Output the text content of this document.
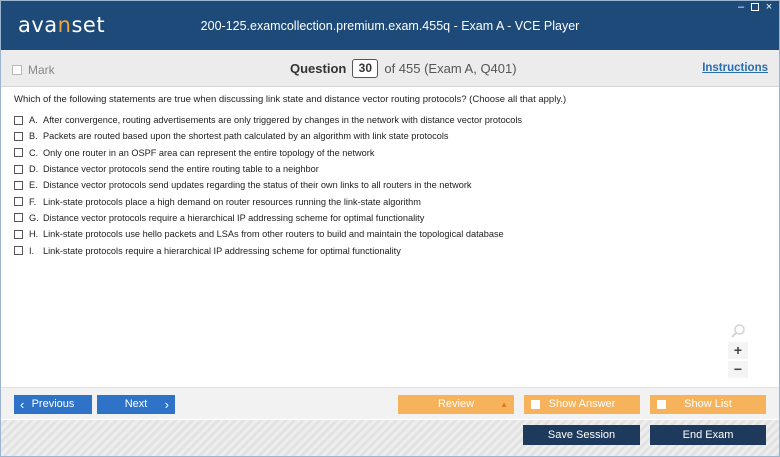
avanset	200-125.examcollection.premium.exam.455q - Exam A - VCE Player
– ×
Mark	Question	30 of 455 (Exam A, Q401)	Instructions
Which of the following statements are true when discussing link state and distance vector routing protocols? (Choose all that apply.)
A. After convergence, routing advertisements are only triggered by changes in the network with distance vector protocols
B. Packets are routed based upon the shortest path calculated by an algorithm with link state protocols
C. Only one router in an OSPF area can represent the entire topology of the network
D. Distance vector protocols send the entire routing table to a neighbor
E. Distance vector protocols send updates regarding the status of their own links to all routers in the network
F. Link-state protocols place a high demand on router resources running the link-state algorithm
G. Distance vector protocols require a hierarchical IP addressing scheme for optimal functionality
H. Link-state protocols use hello packets and LSAs from other routers to build and maintain the topological database
I. Link-state protocols require a hierarchical IP addressing scheme for optimal functionality
+
−
‹ Previous	Next ›	Review	▲	Show Answer	Show List
Save Session	End Exam
